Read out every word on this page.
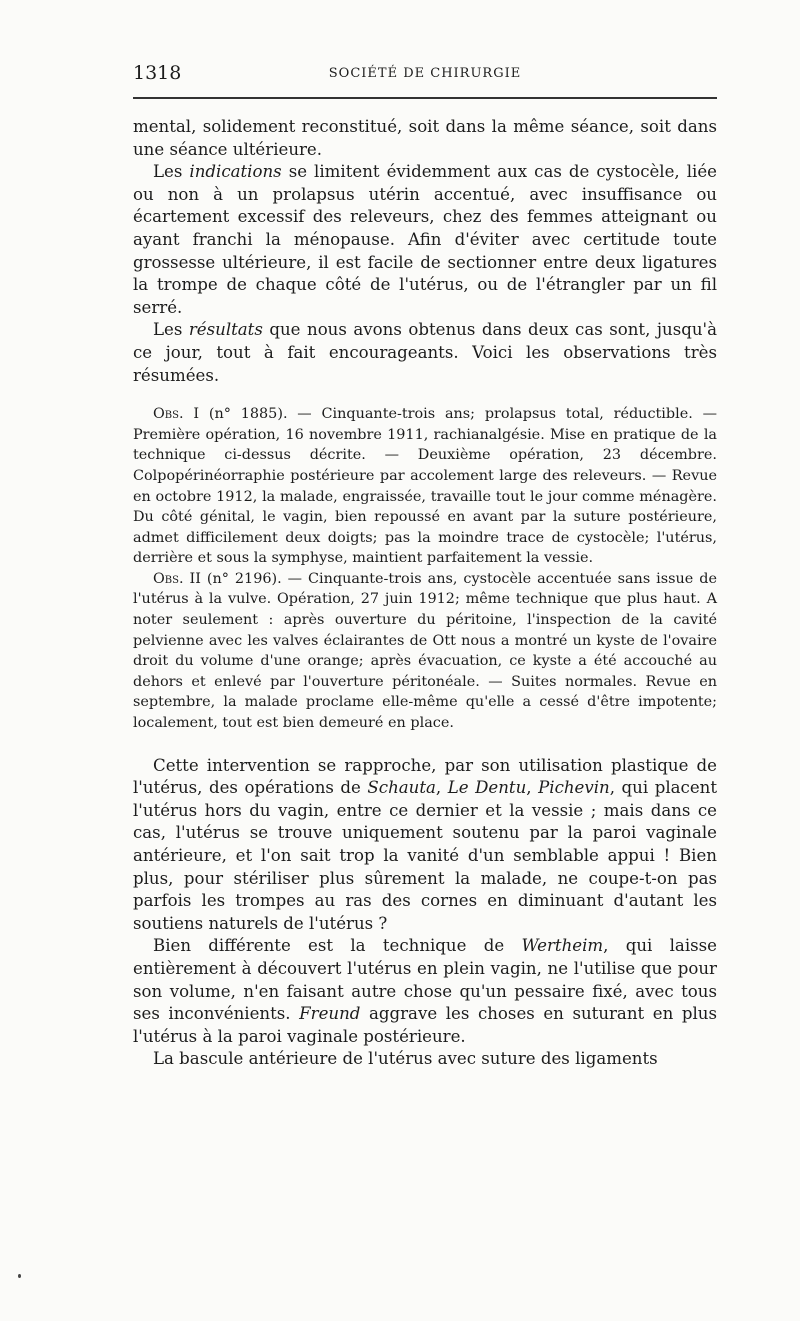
1318	SOCIÉTÉ DE CHIRURGIE

mental, solidement reconstitué, soit dans la même séance, soit dans une séance ultérieure.

Les indications se limitent évidemment aux cas de cystocèle, liée ou non à un prolapsus utérin accentué, avec insuffisance ou écartement excessif des releveurs, chez des femmes atteignant ou ayant franchi la ménopause. Afin d'éviter avec certitude toute grossesse ultérieure, il est facile de sectionner entre deux ligatures la trompe de chaque côté de l'utérus, ou de l'étrangler par un fil serré.

Les résultats que nous avons obtenus dans deux cas sont, jusqu'à ce jour, tout à fait encourageants. Voici les observations très résumées.

Obs. I (n° 1885). — Cinquante-trois ans; prolapsus total, réductible. — Première opération, 16 novembre 1911, rachianalgésie. Mise en pratique de la technique ci-dessus décrite. — Deuxième opération, 23 décembre. Colpopérinéorraphie postérieure par accolement large des releveurs. — Revue en octobre 1912, la malade, engraissée, travaille tout le jour comme ménagère. Du côté génital, le vagin, bien repoussé en avant par la suture postérieure, admet difficilement deux doigts; pas la moindre trace de cystocèle; l'utérus, derrière et sous la symphyse, maintient parfaitement la vessie.

Obs. II (n° 2196). — Cinquante-trois ans, cystocèle accentuée sans issue de l'utérus à la vulve. Opération, 27 juin 1912; même technique que plus haut. A noter seulement : après ouverture du péritoine, l'inspection de la cavité pelvienne avec les valves éclairantes de Ott nous a montré un kyste de l'ovaire droit du volume d'une orange; après évacuation, ce kyste a été accouché au dehors et enlevé par l'ouverture péritonéale. — Suites normales. Revue en septembre, la malade proclame elle-même qu'elle a cessé d'être impotente; localement, tout est bien demeuré en place.

Cette intervention se rapproche, par son utilisation plastique de l'utérus, des opérations de Schauta, Le Dentu, Pichevin, qui placent l'utérus hors du vagin, entre ce dernier et la vessie ; mais dans ce cas, l'utérus se trouve uniquement soutenu par la paroi vaginale antérieure, et l'on sait trop la vanité d'un semblable appui ! Bien plus, pour stériliser plus sûrement la malade, ne coupe-t-on pas parfois les trompes au ras des cornes en diminuant d'autant les soutiens naturels de l'utérus ?

Bien différente est la technique de Wertheim, qui laisse entièrement à découvert l'utérus en plein vagin, ne l'utilise que pour son volume, n'en faisant autre chose qu'un pessaire fixé, avec tous ses inconvénients. Freund aggrave les choses en suturant en plus l'utérus à la paroi vaginale postérieure.

La bascule antérieure de l'utérus avec suture des ligaments
